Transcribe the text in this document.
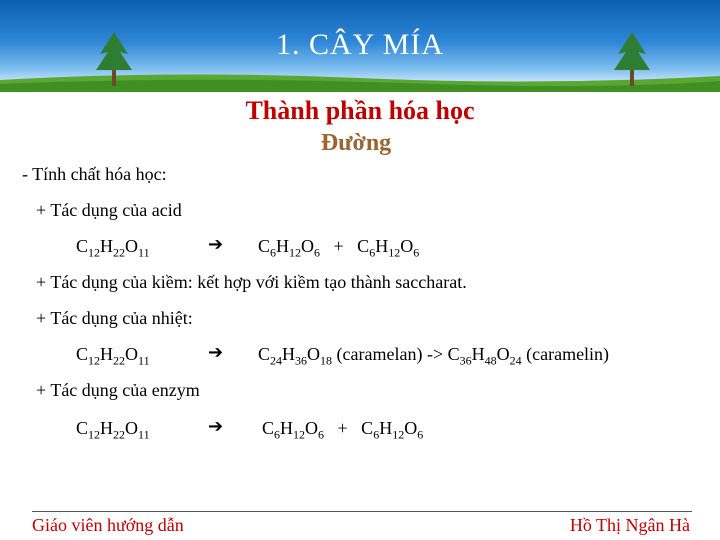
1. CÂY MÍA
Thành phần hóa học
Đường
- Tính chất hóa học:
+ Tác dụng của acid
$C_{12}H_{22}O_{11}$	➔ $C_6H_{12}O_6 + C_6H_{12}O_6$
+ Tác dụng của kiềm: kết hợp với kiềm tạo thành saccharat.
+ Tác dụng của nhiệt:
$C_{12}H_{22}O_{11}$	➔ $C_{24}H_{36}O_{18}$ (caramelan) -> $C_{36}H_{48}O_{24}$ (caramelin)
+ Tác dụng của enzym
$C_{12}H_{22}O_{11}$	➔ $C_6H_{12}O_6 + C_6H_{12}O_6$
Giáo viên hướng dẫn	Hồ Thị Ngân Hà
